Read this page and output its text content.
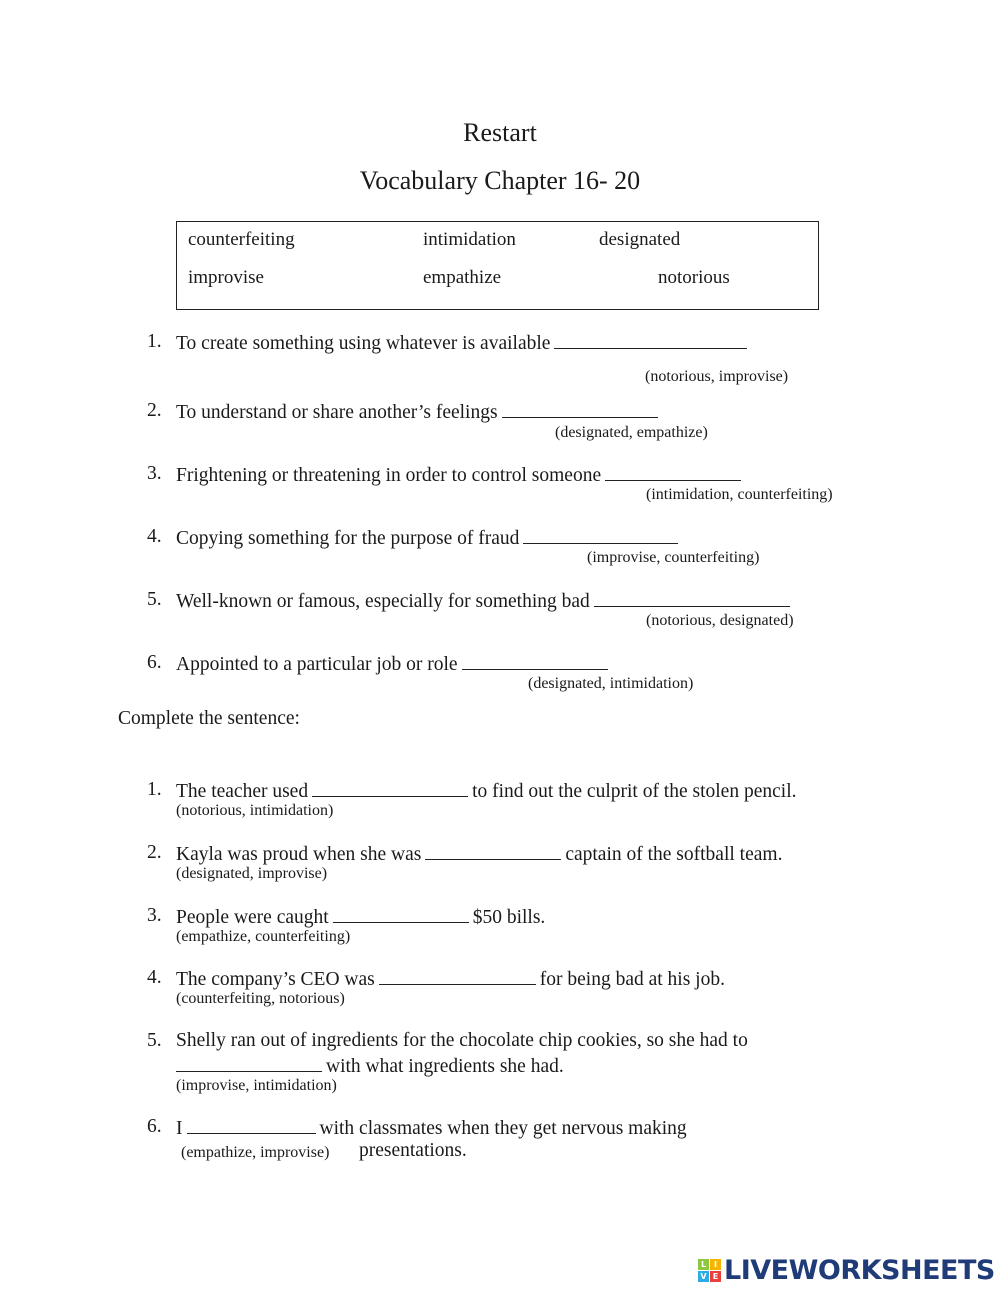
Restart
Vocabulary Chapter 16- 20
counterfeiting	intimidation	designated
improvise	empathize	notorious
1. To create something using whatever is available
(notorious, improvise)
2. To understand or share another’s feelings
(designated, empathize)
3. Frightening or threatening in order to control someone
(intimidation, counterfeiting)
4. Copying something for the purpose of fraud
(improvise, counterfeiting)
5. Well-known or famous, especially for something bad
(notorious, designated)
6. Appointed to a particular job or role
(designated, intimidation)
Complete the sentence:
1. The teacher used	to find out the culprit of the stolen pencil.
(notorious, intimidation)
2. Kayla was proud when she was	captain of the softball team.
(designated, improvise)
3. People were caught	$50 bills.
(empathize, counterfeiting)
4. The company’s CEO was	for being bad at his job.
(counterfeiting, notorious)
5. Shelly ran out of ingredients for the chocolate chip cookies, so she had to
with what ingredients she had.
(improvise, intimidation)
6. I	with classmates when they get nervous making
(empathize, improvise) presentations.
L I
V E LIVEWORKSHEETS
